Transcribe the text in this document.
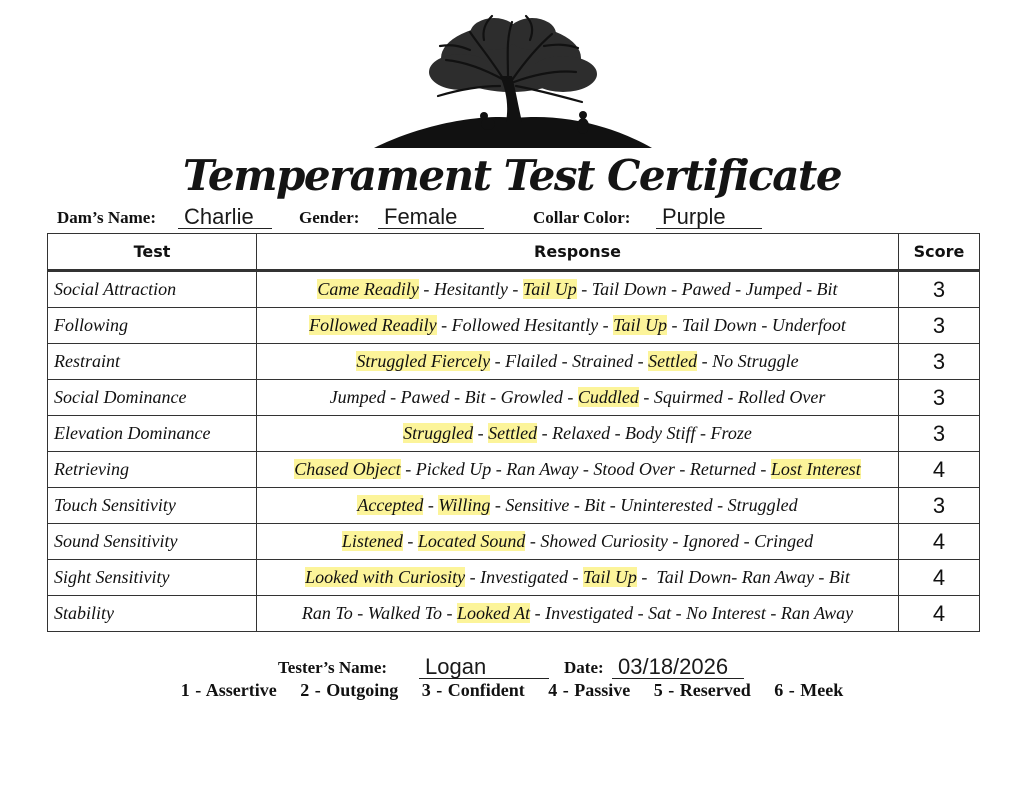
Temperament Test Certificate
Dam’s Name: Charlie	Gender: Female	Collar Color: Purple
Test	Response	Score
Social Attraction	Came Readily - Hesitantly - Tail Up - Tail Down - Pawed - Jumped - Bit	3
Following	Followed Readily - Followed Hesitantly - Tail Up - Tail Down - Underfoot	3
Restraint	Struggled Fiercely - Flailed - Strained - Settled - No Struggle	3
Social Dominance	Jumped - Pawed - Bit - Growled - Cuddled - Squirmed - Rolled Over	3
Elevation Dominance	Struggled - Settled - Relaxed - Body Stiff - Froze	3
Retrieving	Chased Object - Picked Up - Ran Away - Stood Over - Returned - Lost Interest	4
Touch Sensitivity	Accepted - Willing - Sensitive - Bit - Uninterested - Struggled	3
Sound Sensitivity	Listened - Located Sound - Showed Curiosity - Ignored - Cringed	4
Sight Sensitivity	Looked with Curiosity - Investigated - Tail Up -  Tail Down- Ran Away - Bit	4
Stability	Ran To - Walked To - Looked At - Investigated - Sat - No Interest - Ran Away	4
Tester’s Name: Logan	Date: 03/18/2026
1 - Assertive 2 - Outgoing 3 - Confident 4 - Passive 5 - Reserved 6 - Meek
